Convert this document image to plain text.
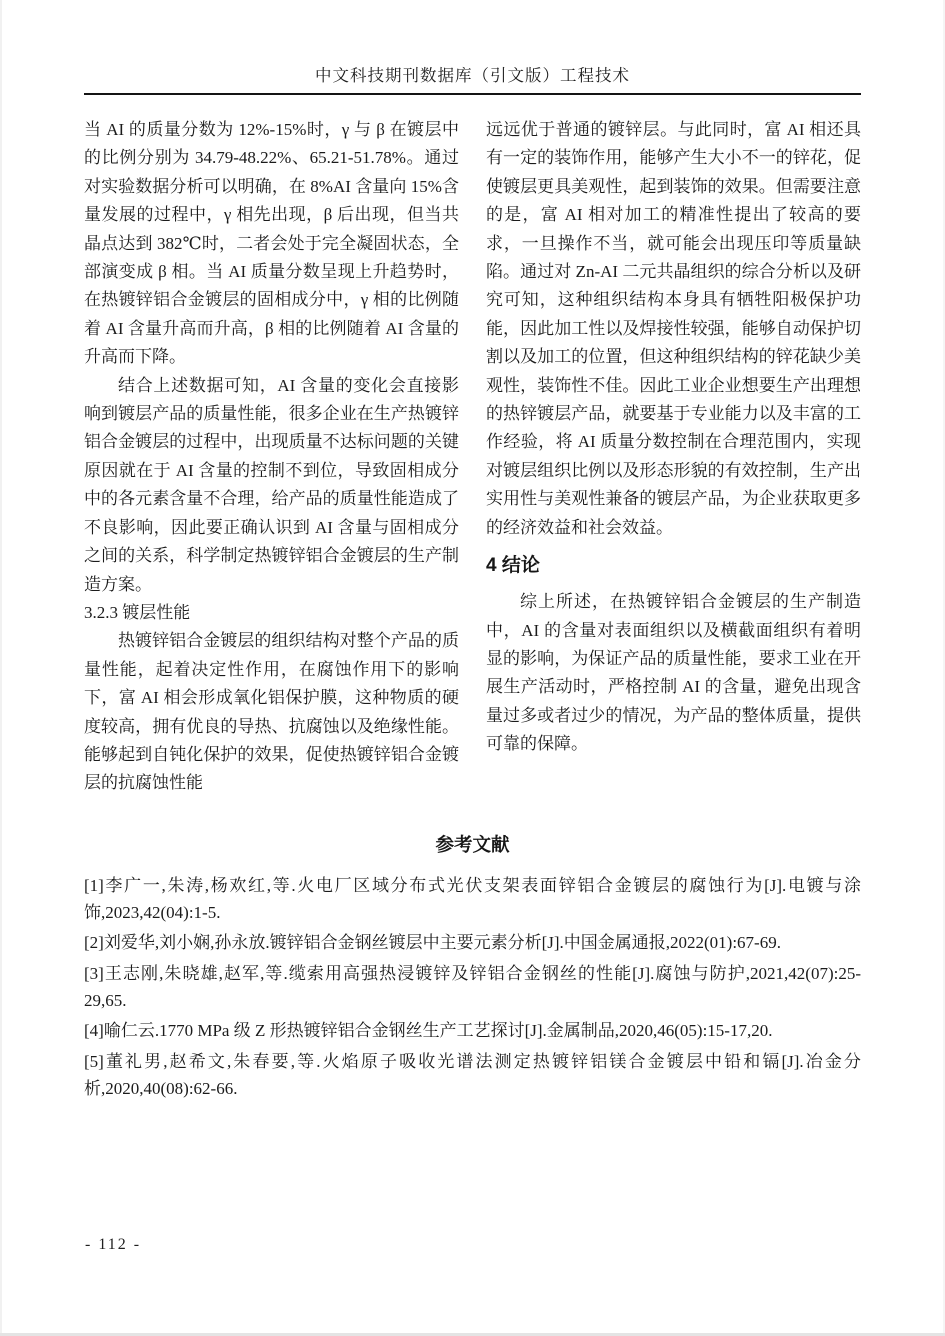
中文科技期刊数据库（引文版）工程技术

当 AI 的质量分数为 12%-15%时，γ 与 β 在镀层中的比例分别为 34.79-48.22%、65.21-51.78%。通过对实验数据分析可以明确，在 8%AI 含量向 15%含量发展的过程中，γ 相先出现，β 后出现，但当共晶点达到 382℃时，二者会处于完全凝固状态，全部演变成 β 相。当 AI 质量分数呈现上升趋势时，在热镀锌铝合金镀层的固相成分中，γ 相的比例随着 AI 含量升高而升高，β 相的比例随着 AI 含量的升高而下降。

结合上述数据可知，AI 含量的变化会直接影响到镀层产品的质量性能，很多企业在生产热镀锌铝合金镀层的过程中，出现质量不达标问题的关键原因就在于 AI 含量的控制不到位，导致固相成分中的各元素含量不合理，给产品的质量性能造成了不良影响，因此要正确认识到 AI 含量与固相成分之间的关系，科学制定热镀锌铝合金镀层的生产制造方案。

3.2.3 镀层性能

热镀锌铝合金镀层的组织结构对整个产品的质量性能，起着决定性作用，在腐蚀作用下的影响下，富 AI 相会形成氧化铝保护膜，这种物质的硬度较高，拥有优良的导热、抗腐蚀以及绝缘性能。能够起到自钝化保护的效果，促使热镀锌铝合金镀层的抗腐蚀性能

远远优于普通的镀锌层。与此同时，富 AI 相还具有一定的装饰作用，能够产生大小不一的锌花，促使镀层更具美观性，起到装饰的效果。但需要注意的是，富 AI 相对加工的精准性提出了较高的要求，一旦操作不当，就可能会出现压印等质量缺陷。通过对 Zn-AI 二元共晶组织的综合分析以及研究可知，这种组织结构本身具有牺牲阳极保护功能，因此加工性以及焊接性较强，能够自动保护切割以及加工的位置，但这种组织结构的锌花缺少美观性，装饰性不佳。因此工业企业想要生产出理想的热锌镀层产品，就要基于专业能力以及丰富的工作经验，将 AI 质量分数控制在合理范围内，实现对镀层组织比例以及形态形貌的有效控制，生产出实用性与美观性兼备的镀层产品，为企业获取更多的经济效益和社会效益。

4 结论

综上所述，在热镀锌铝合金镀层的生产制造中，AI 的含量对表面组织以及横截面组织有着明显的影响，为保证产品的质量性能，要求工业在开展生产活动时，严格控制 AI 的含量，避免出现含量过多或者过少的情况，为产品的整体质量，提供可靠的保障。

参考文献

[1]李广一,朱涛,杨欢红,等.火电厂区域分布式光伏支架表面锌铝合金镀层的腐蚀行为[J].电镀与涂饰,2023,42(04):1-5.

[2]刘爱华,刘小娴,孙永放.镀锌铝合金钢丝镀层中主要元素分析[J].中国金属通报,2022(01):67-69.

[3]王志刚,朱晓雄,赵军,等.缆索用高强热浸镀锌及锌铝合金钢丝的性能[J].腐蚀与防护,2021,42(07):25-29,65.

[4]喻仁云.1770 MPa 级 Z 形热镀锌铝合金钢丝生产工艺探讨[J].金属制品,2020,46(05):15-17,20.

[5]董礼男,赵希文,朱春要,等.火焰原子吸收光谱法测定热镀锌铝镁合金镀层中铅和镉[J].冶金分析,2020,40(08):62-66.

- 112 -
